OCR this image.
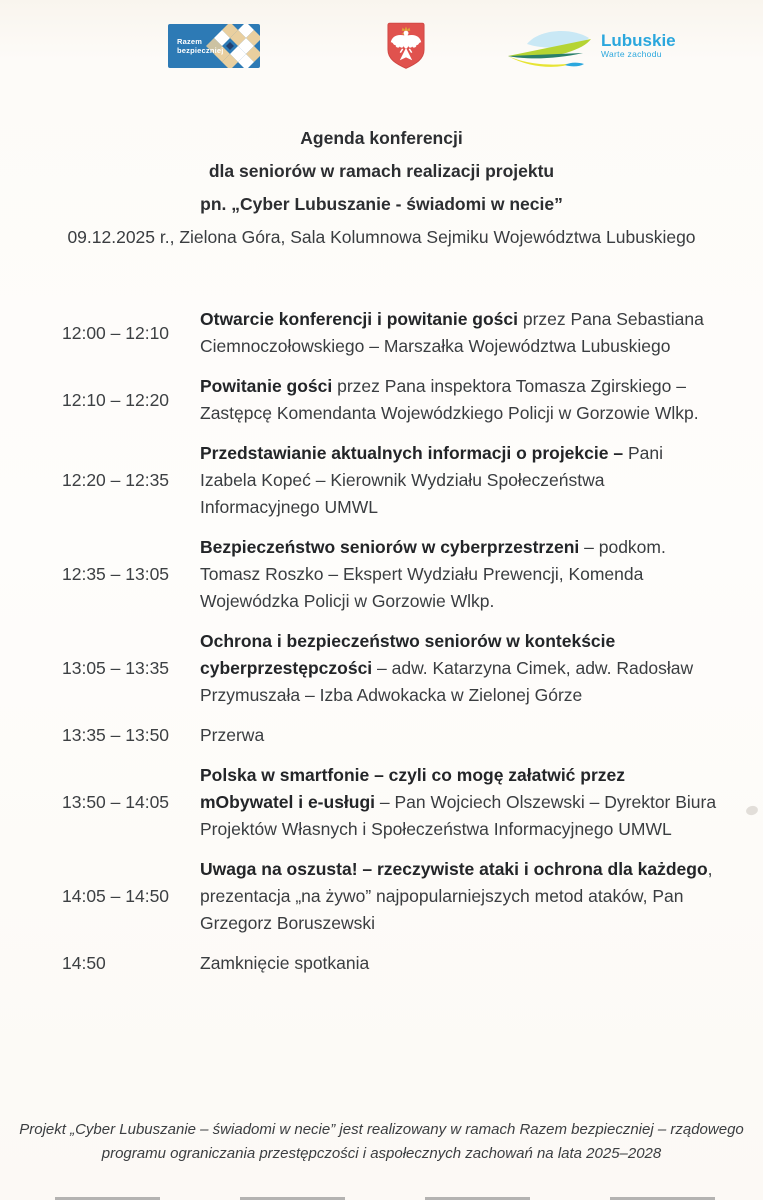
Razem
bezpieczniej
Lubuskie
Warte zachodu
Agenda konferencji
dla seniorów w ramach realizacji projektu
pn. „Cyber Lubuszanie - świadomi w necie”
09.12.2025 r., Zielona Góra, Sala Kolumnowa Sejmiku Województwa Lubuskiego
12:00 – 12:10
Otwarcie konferencji i powitanie gości przez Pana Sebastiana Ciemnoczołowskiego – Marszałka Województwa Lubuskiego
12:10 – 12:20
Powitanie gości przez Pana inspektora Tomasza Zgirskiego – Zastępcę Komendanta Wojewódzkiego Policji w Gorzowie Wlkp.
12:20 – 12:35
Przedstawianie aktualnych informacji o projekcie – Pani Izabela Kopeć – Kierownik Wydziału Społeczeństwa Informacyjnego UMWL
12:35 – 13:05
Bezpieczeństwo seniorów w cyberprzestrzeni – podkom. Tomasz Roszko – Ekspert Wydziału Prewencji, Komenda Wojewódzka Policji w Gorzowie Wlkp.
13:05 – 13:35
Ochrona i bezpieczeństwo seniorów w kontekście cyberprzestępczości – adw. Katarzyna Cimek, adw. Radosław Przymuszała – Izba Adwokacka w Zielonej Górze
13:35 – 13:50	Przerwa
13:50 – 14:05
Polska w smartfonie – czyli co mogę załatwić przez mObywatel i e-usługi – Pan Wojciech Olszewski – Dyrektor Biura Projektów Własnych i Społeczeństwa Informacyjnego UMWL
14:05 – 14:50
Uwaga na oszusta! – rzeczywiste ataki i ochrona dla każdego, prezentacja „na żywo” najpopularniejszych metod ataków, Pan Grzegorz Boruszewski
14:50	Zamknięcie spotkania
Projekt „Cyber Lubuszanie – świadomi w necie” jest realizowany w ramach Razem bezpieczniej – rządowego
programu ograniczania przestępczości i aspołecznych zachowań na lata 2025–2028
